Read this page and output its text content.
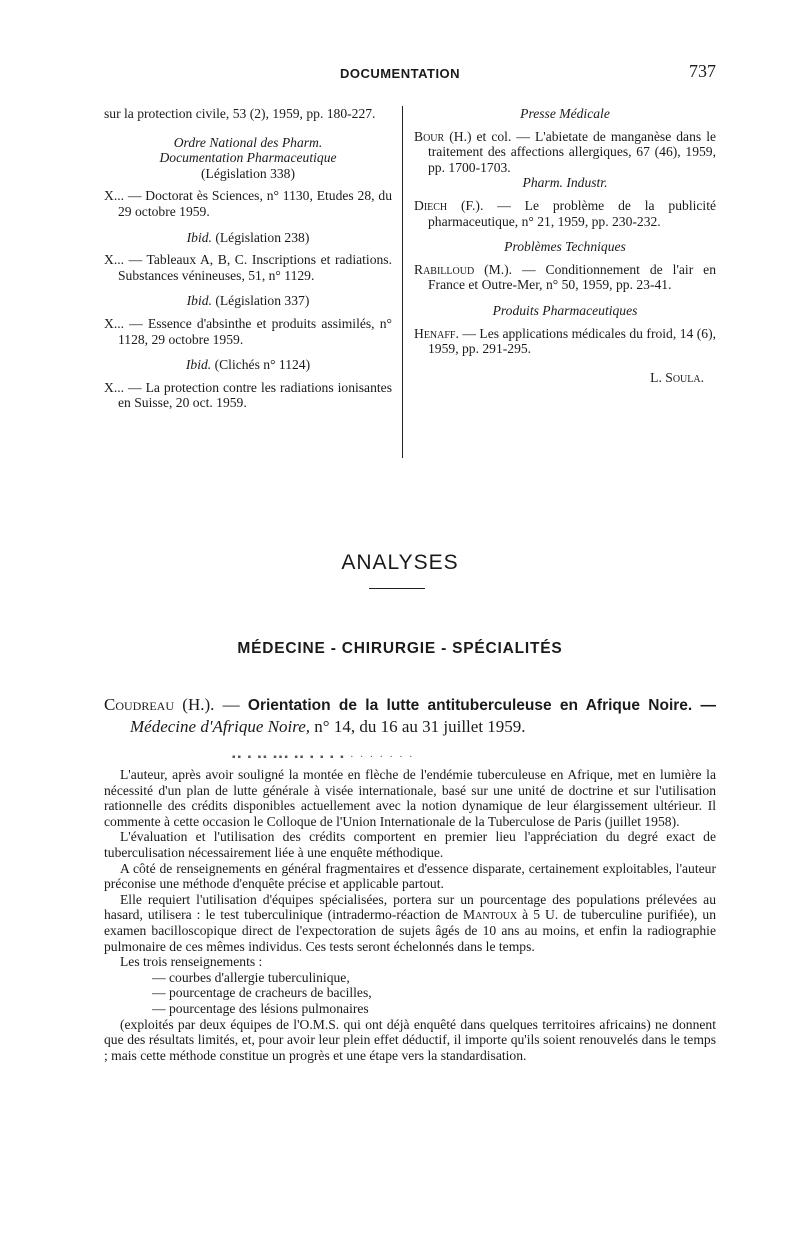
DOCUMENTATION	737

sur la protection civile, 53 (2), 1959, pp. 180-227.

Ordre National des Pharm.

Documentation Pharmaceutique

(Législation 338)

X... — Doctorat ès Sciences, n° 1130, Etudes 28, du 29 octobre 1959.

Ibid. (Législation 238)

X... — Tableaux A, B, C. Inscriptions et radiations. Substances vénineuses, 51, n° 1129.

Ibid. (Législation 337)

X... — Essence d'absinthe et produits assimilés, n° 1128, 29 octobre 1959.

Ibid. (Clichés n° 1124)

X... — La protection contre les radiations ionisantes en Suisse, 20 oct. 1959.

Presse Médicale

Bour (H.) et col. — L'abietate de manganèse dans le traitement des affections allergiques, 67 (46), 1959, pp. 1700-1703.

Pharm. Industr.

Diech (F.). — Le problème de la publicité pharmaceutique, n° 21, 1959, pp. 230-232.

Problèmes Techniques

Rabilloud (M.). — Conditionnement de l'air en France et Outre-Mer, n° 50, 1959, pp. 23-41.

Produits Pharmaceutiques

Henaff. — Les applications médicales du froid, 14 (6), 1959, pp. 291-295.

L. Soula.

ANALYSES
MÉDECINE - CHIRURGIE - SPÉCIALITÉS
Coudreau (H.). — Orientation de la lutte antituberculeuse en Afrique Noire. — Médecine d'Afrique Noire, n° 14, du 16 au 31 juillet 1959.
▪▪ ▪ ▪▪ ▪▪▪ ▪▪ ▪ ▪ ▪ ▪ · · · · · · ·

L'auteur, après avoir souligné la montée en flèche de l'endémie tuberculeuse en Afrique, met en lumière la nécessité d'un plan de lutte générale à visée internationale, basé sur une unité de doctrine et sur l'utilisation rationnelle des crédits disponibles actuellement avec la notion dynamique de leur élargissement ultérieur. Il commente à cette occasion le Colloque de l'Union Internationale de la Tuberculose de Paris (juillet 1958).

L'évaluation et l'utilisation des crédits comportent en premier lieu l'appréciation du degré exact de tuberculisation nécessairement liée à une enquête méthodique.

A côté de renseignements en général fragmentaires et d'essence disparate, certainement exploitables, l'auteur préconise une méthode d'enquête précise et applicable partout.

Elle requiert l'utilisation d'équipes spécialisées, portera sur un pourcentage des populations prélevées au hasard, utilisera : le test tuberculinique (intradermo-réaction de Mantoux à 5 U. de tuberculine purifiée), un examen bacilloscopique direct de l'expectoration de sujets âgés de 10 ans au moins, et enfin la radiographie pulmonaire de ces mêmes individus. Ces tests seront échelonnés dans le temps.

Les trois renseignements :

— courbes d'allergie tuberculinique,
— pourcentage de cracheurs de bacilles,
— pourcentage des lésions pulmonaires

(exploités par deux équipes de l'O.M.S. qui ont déjà enquêté dans quelques territoires africains) ne donnent que des résultats limités, et, pour avoir leur plein effet déductif, il importe qu'ils soient renouvelés dans le temps ; mais cette méthode constitue un progrès et une étape vers la standardisation.
